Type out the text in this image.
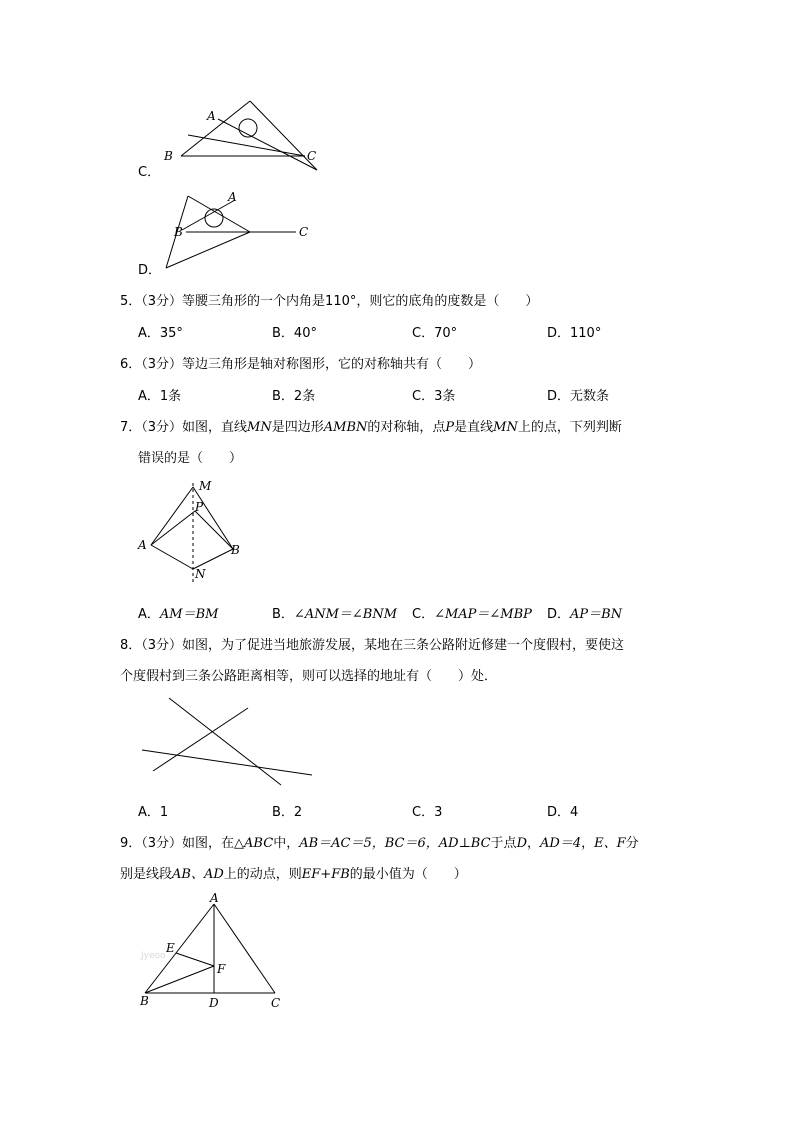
A
B	C
C．
A
B	C
D．
5．（3分）等腰三角形的一个内角是110°，则它的底角的度数是（　　）
A．35°	B．40°	C．70°	D．110°
6．（3分）等边三角形是轴对称图形，它的对称轴共有（　　）
A．1条	B．2条	C．3条	D．无数条
7．（3分）如图，直线MN是四边形AMBN的对称轴，点P是直线MN上的点，下列判断
错误的是（　　）
M
P
A	B
N
A．AM＝BM	B．∠ANM＝∠BNM C．∠MAP＝∠MBP D．AP＝BN
8．（3分）如图，为了促进当地旅游发展，某地在三条公路附近修建一个度假村，要使这
个度假村到三条公路距离相等，则可以选择的地址有（　　）处．
A．1	B．2	C．3	D．4
9．（3分）如图，在△ABC中，AB＝AC＝5，BC＝6，AD⊥BC于点D，AD＝4，E、F分
别是线段AB、AD上的动点，则EF+FB的最小值为（　　）
Jyeoo
A
E
F
B	D	C
